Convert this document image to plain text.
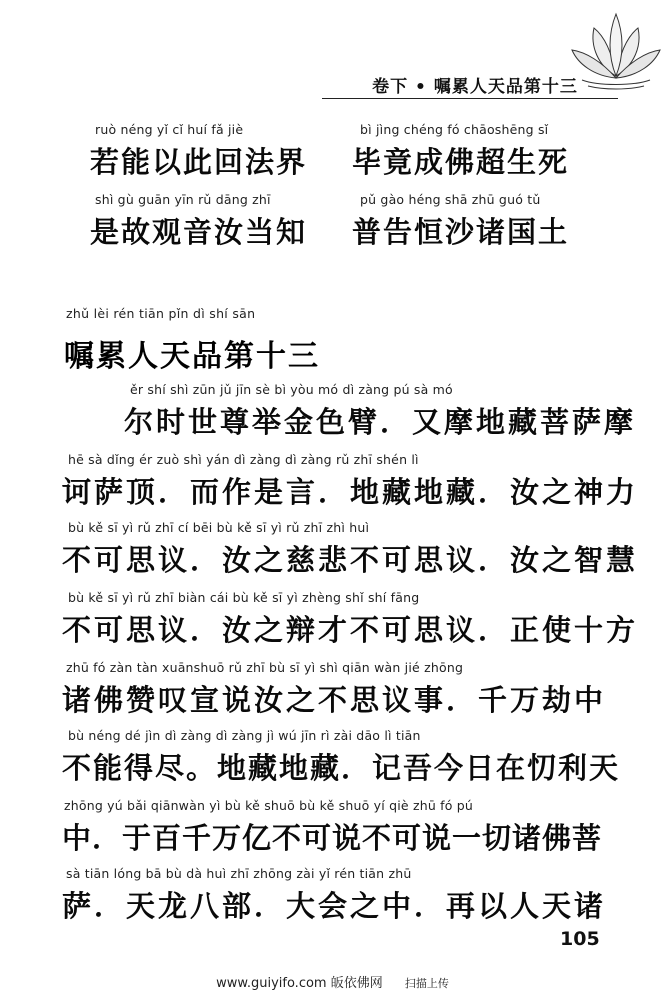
卷下 • 嘱累人天品第十三
ruò néng yǐ cǐ huí fǎ jiè
若能以此回法界
bì jìng chéng fó chāoshēng sǐ
毕竟成佛超生死
shì gù guān yīn rǔ dāng zhī
是故观音汝当知
pǔ gào héng shā zhū guó tǔ
普告恒沙诸国土
zhǔ lèi rén tiān pǐn dì shí sān
嘱累人天品第十三
ěr shí shì zūn jǔ jīn sè bì yòu mó dì zàng pú sà mó
尔时世尊举金色臂．又摩地藏菩萨摩
hē sà dǐng ér zuò shì yán dì zàng dì zàng rǔ zhī shén lì
诃萨顶．而作是言．地藏地藏．汝之神力
bù kě sī yì rǔ zhī cí bēi bù kě sī yì rǔ zhī zhì huì
不可思议．汝之慈悲不可思议．汝之智慧
bù kě sī yì rǔ zhī biàn cái bù kě sī yì zhèng shǐ shí fāng
不可思议．汝之辩才不可思议．正使十方
zhū fó zàn tàn xuānshuō rǔ zhī bù sī yì shì qiān wàn jié zhōng
诸佛赞叹宣说汝之不思议事．千万劫中
bù néng dé jìn dì zàng dì zàng jì wú jīn rì zài dāo lì tiān
不能得尽。地藏地藏．记吾今日在忉利天
zhōng yú bǎi qiānwàn yì bù kě shuō bù kě shuō yí qiè zhū fó pú
中．于百千万亿不可说不可说一切诸佛菩
sà tiān lóng bā bù dà huì zhī zhōng zài yǐ rén tiān zhū
萨．天龙八部．大会之中．再以人天诸
105
www.guiyifo.com 皈依佛网 扫描上传
